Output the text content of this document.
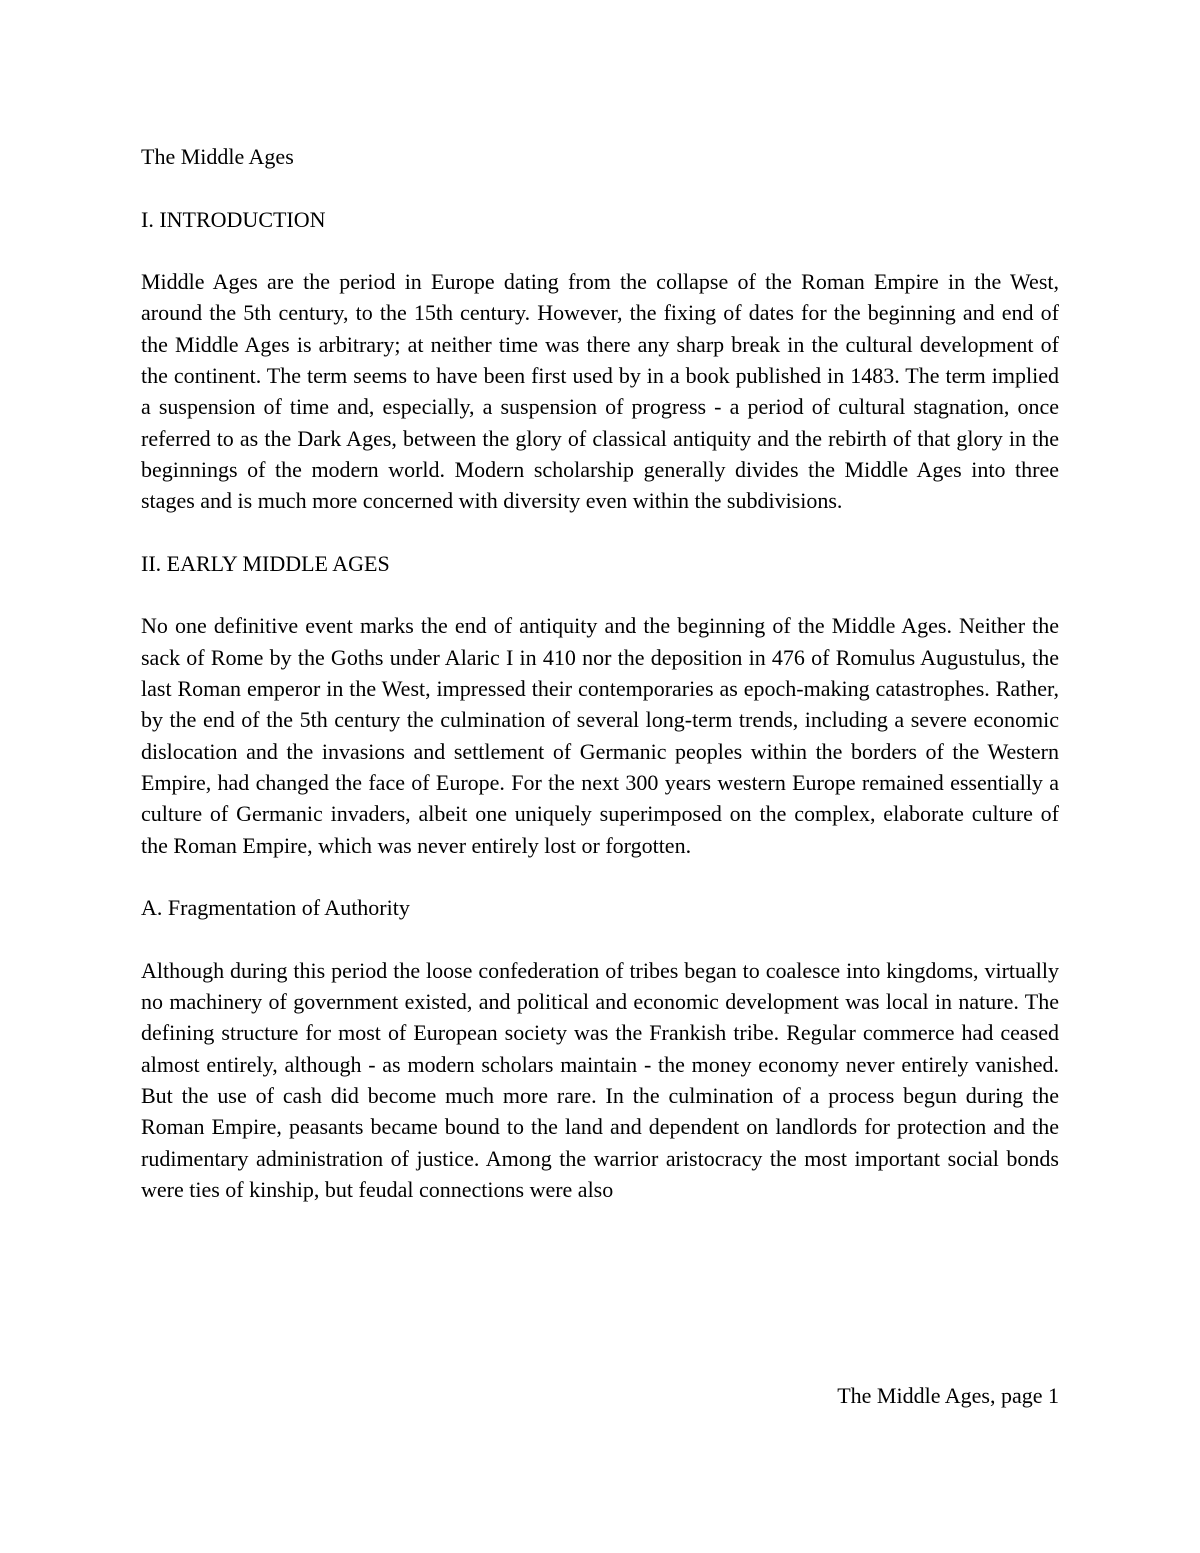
The Middle Ages

I. INTRODUCTION

Middle Ages are the period in Europe dating from the collapse of the Roman Empire in the West, around the 5th century, to the 15th century. However, the fixing of dates for the beginning and end of the Middle Ages is arbitrary; at neither time was there any sharp break in the cultural development of the continent. The term seems to have been first used by in a book published in 1483. The term implied a suspension of time and, especially, a suspension of progress - a period of cultural stagnation, once referred to as the Dark Ages, between the glory of classical antiquity and the rebirth of that glory in the beginnings of the modern world. Modern scholarship generally divides the Middle Ages into three stages and is much more concerned with diversity even within the subdivisions.

II. EARLY MIDDLE AGES

No one definitive event marks the end of antiquity and the beginning of the Middle Ages. Neither the sack of Rome by the Goths under Alaric I in 410 nor the deposition in 476 of Romulus Augustulus, the last Roman emperor in the West, impressed their contemporaries as epoch-making catastrophes. Rather, by the end of the 5th century the culmination of several long-term trends, including a severe economic dislocation and the invasions and settlement of Germanic peoples within the borders of the Western Empire, had changed the face of Europe. For the next 300 years western Europe remained essentially a culture of Germanic invaders, albeit one uniquely superimposed on the complex, elaborate culture of the Roman Empire, which was never entirely lost or forgotten.

A. Fragmentation of Authority

Although during this period the loose confederation of tribes began to coalesce into kingdoms, virtually no machinery of government existed, and political and economic development was local in nature. The defining structure for most of European society was the Frankish tribe. Regular commerce had ceased almost entirely, although - as modern scholars maintain - the money economy never entirely vanished. But the use of cash did become much more rare. In the culmination of a process begun during the Roman Empire, peasants became bound to the land and dependent on landlords for protection and the rudimentary administration of justice. Among the warrior aristocracy the most important social bonds were ties of kinship, but feudal connections were also

The Middle Ages, page 1
